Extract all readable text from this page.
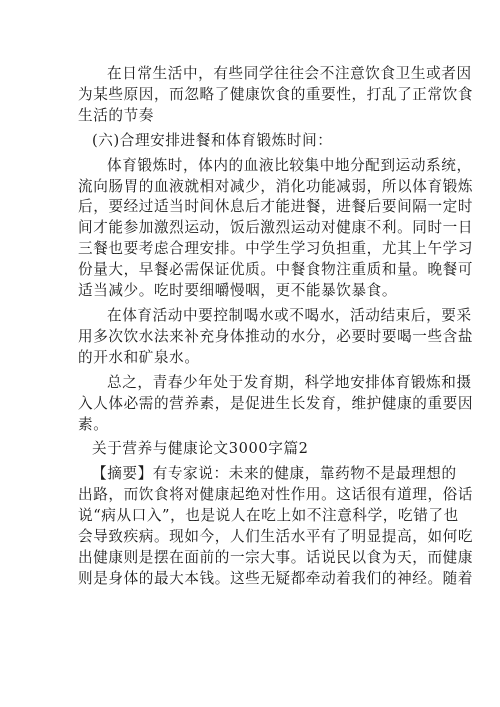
在日常生活中，有些同学往往会不注意饮食卫生或者因
为某些原因，而忽略了健康饮食的重要性，打乱了正常饮食
生活的节奏

(六)合理安排进餐和体育锻炼时间：

体育锻炼时，体内的血液比较集中地分配到运动系统，
流向肠胃的血液就相对减少，消化功能减弱，所以体育锻炼
后，要经过适当时间休息后才能进餐，进餐后要间隔一定时
间才能参加激烈运动，饭后激烈运动对健康不利。同时一日
三餐也要考虑合理安排。中学生学习负担重，尤其上午学习
份量大，早餐必需保证优质。中餐食物注重质和量。晚餐可
适当减少。吃时要细嚼慢咽，更不能暴饮暴食。

在体育活动中要控制喝水或不喝水，活动结束后，要采
用多次饮水法来补充身体推动的水分，必要时要喝一些含盐
的开水和矿泉水。

总之，青春少年处于发育期，科学地安排体育锻炼和摄
入人体必需的营养素，是促进生长发育，维护健康的重要因
素。

关于营养与健康论文3000字篇2

【摘要】有专家说：未来的健康，靠药物不是最理想的
出路，而饮食将对健康起绝对性作用。这话很有道理，俗话
说“病从口入”，也是说人在吃上如不注意科学，吃错了也
会导致疾病。现如今，人们生活水平有了明显提高，如何吃
出健康则是摆在面前的一宗大事。话说民以食为天，而健康
则是身体的最大本钱。这些无疑都牵动着我们的神经。随着
